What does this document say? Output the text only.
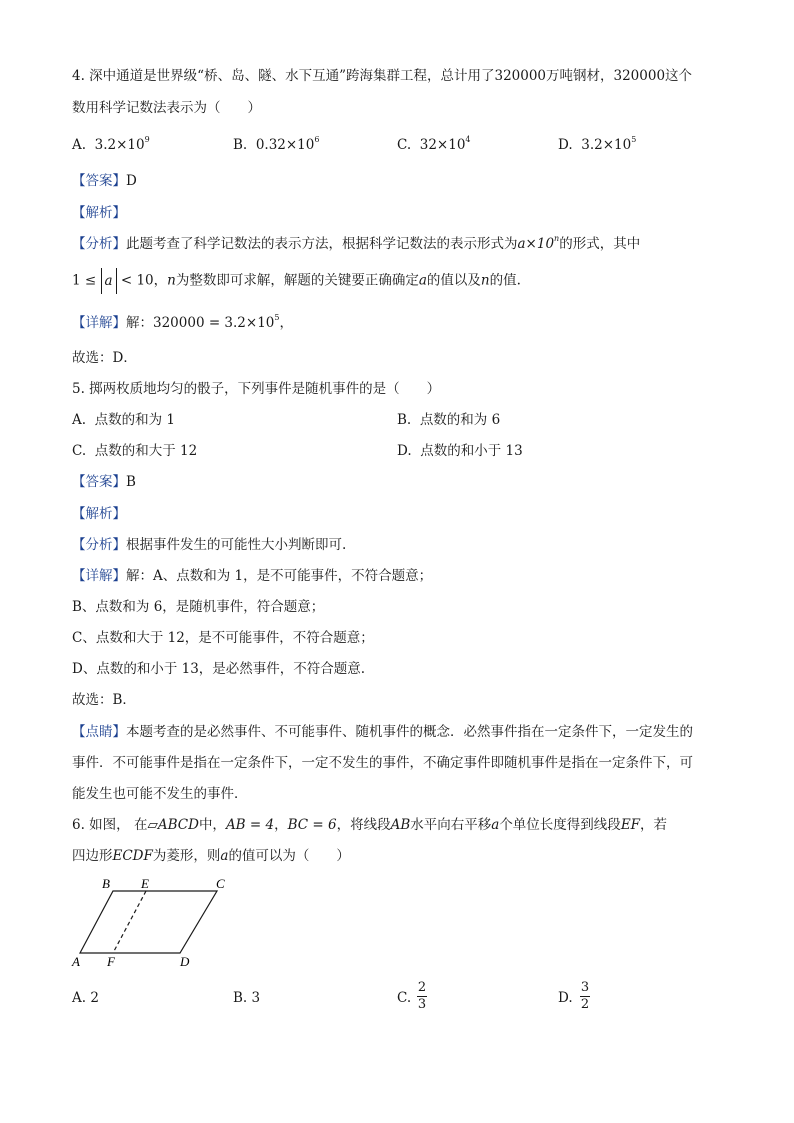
4. 深中通道是世界级“桥、岛、隧、水下互通”跨海集群工程，总计用了320000万吨钢材，320000这个
数用科学记数法表示为（　　）
A. $3.2\times 10^9$	B. $0.32\times 10^6$	C. $32\times 10^4$	D. $3.2\times 10^5$
【答案】D
【解析】
【分析】此题考查了科学记数法的表示方法，根据科学记数法的表示形式为$a\times 10^n$的形式，其中
1 ≤ a < 10，n为整数即可求解，解题的关键要正确确定a的值以及n的值.
【详解】解：$320000 = 3.2\times 10^5$，
故选：D．
5. 掷两枚质地均匀的骰子，下列事件是随机事件的是（　　）
A. 点数的和为 1	B. 点数的和为 6
C. 点数的和大于 12	D. 点数的和小于 13
【答案】B
【解析】
【分析】根据事件发生的可能性大小判断即可.
【详解】解：A、点数和为 1，是不可能事件，不符合题意；
B、点数和为 6，是随机事件，符合题意；
C、点数和大于 12，是不可能事件，不符合题意；
D、点数的和小于 13，是必然事件，不符合题意.
故选：B．
【点睛】本题考查的是必然事件、不可能事件、随机事件的概念．必然事件指在一定条件下，一定发生的
事件．不可能事件是指在一定条件下，一定不发生的事件，不确定事件即随机事件是指在一定条件下，可
能发生也可能不发生的事件．
6. 如图， 在▱ABCD中，AB = 4，BC = 6，将线段AB水平向右平移a个单位长度得到线段EF，若
四边形ECDF为菱形，则a的值可以为（　　）
B E	C
A F	D
A. 2	B. 3	C.
2
3	D.
3
2
